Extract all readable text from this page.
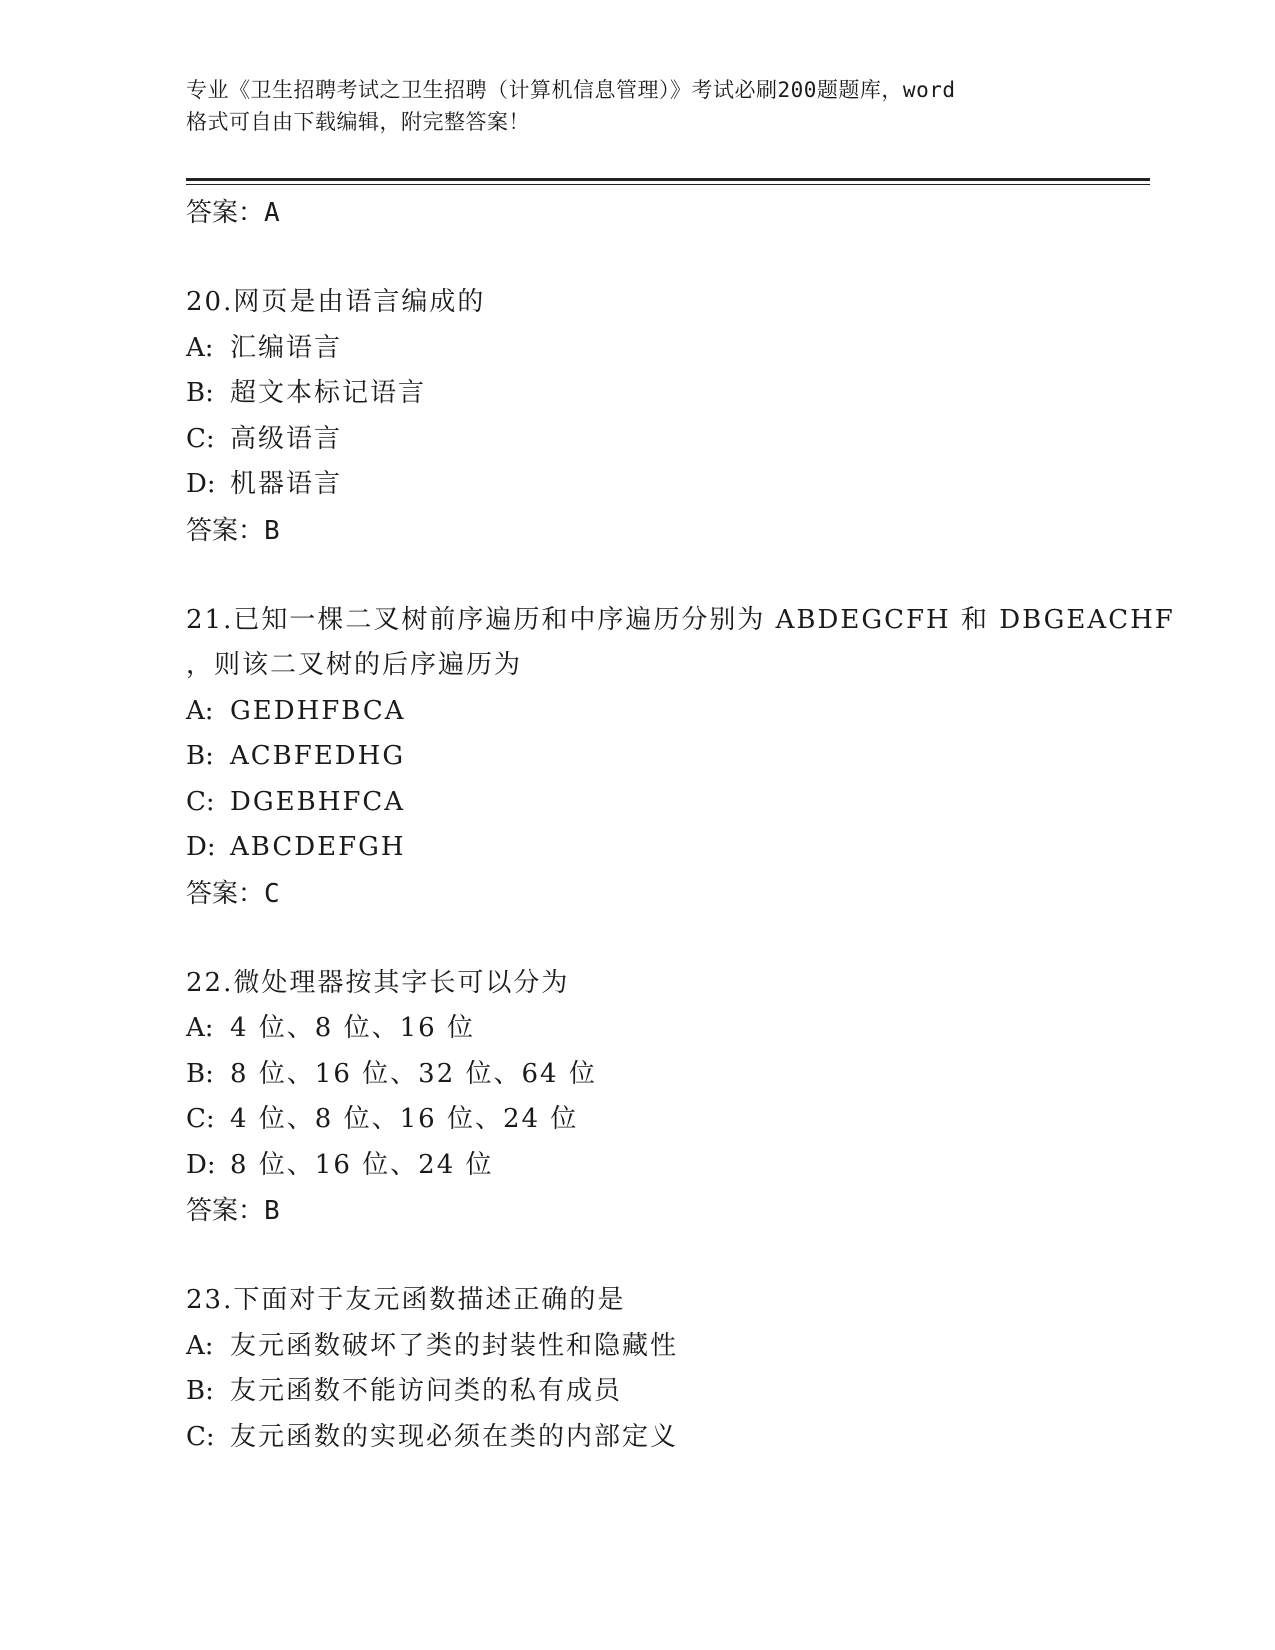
专业《卫生招聘考试之卫生招聘（计算机信息管理）》考试必刷200题题库，word
格式可自由下载编辑，附完整答案！
答案：A
20.网页是由语言编成的
A: 汇编语言
B: 超文本标记语言
C: 高级语言
D: 机器语言
答案：B
21.已知一棵二叉树前序遍历和中序遍历分别为 ABDEGCFH 和 DBGEACHF
，则该二叉树的后序遍历为
A: GEDHFBCA
B: ACBFEDHG
C: DGEBHFCA
D: ABCDEFGH
答案：C
22.微处理器按其字长可以分为
A: 4 位、8 位、16 位
B: 8 位、16 位、32 位、64 位
C: 4 位、8 位、16 位、24 位
D: 8 位、16 位、24 位
答案：B
23.下面对于友元函数描述正确的是
A: 友元函数破坏了类的封装性和隐藏性
B: 友元函数不能访问类的私有成员
C: 友元函数的实现必须在类的内部定义
